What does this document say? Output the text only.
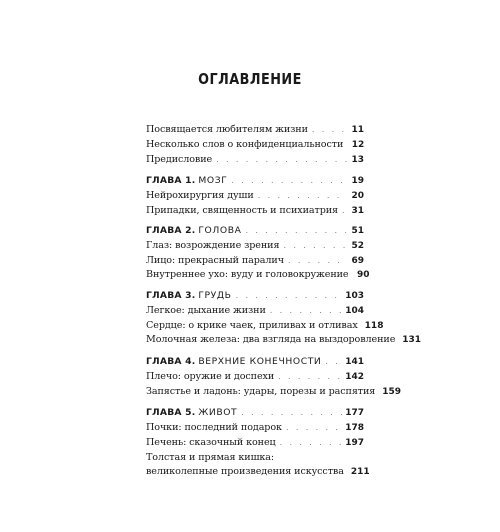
ОГЛАВЛЕНИЕ
Посвящается любителям жизни . . .	11
Несколько слов о конфиденциальности 12
Предисловие . . .	13
ГЛАВА 1. МОЗГ . . .	19
Нейрохирургия души . . .	20
Припадки, священность и психиатрия . . . 31
ГЛАВА 2. ГОЛОВА . . .	51
Глаз: возрождение зрения . . .	52
Лицо: прекрасный паралич . . .	69
Внутреннее ухо: вуду и головокружение 90
ГЛАВА 3. ГРУДЬ . . .	103
Легкое: дыхание жизни . . .	104
Сердце: о крике чаек, приливах и отливах 118
Молочная железа: два взгляда на выздоровление 131
ГЛАВА 4. ВЕРХНИЕ КОНЕЧНОСТИ . . .	141
Плечо: оружие и доспехи . . .	142
Запястье и ладонь: удары, порезы и распятия 159
ГЛАВА 5. ЖИВОТ . . .	177
Почки: последний подарок . . .	178
Печень: сказочный конец . . .	197
Толстая и прямая кишка:
великолепные произведения искусства 211
